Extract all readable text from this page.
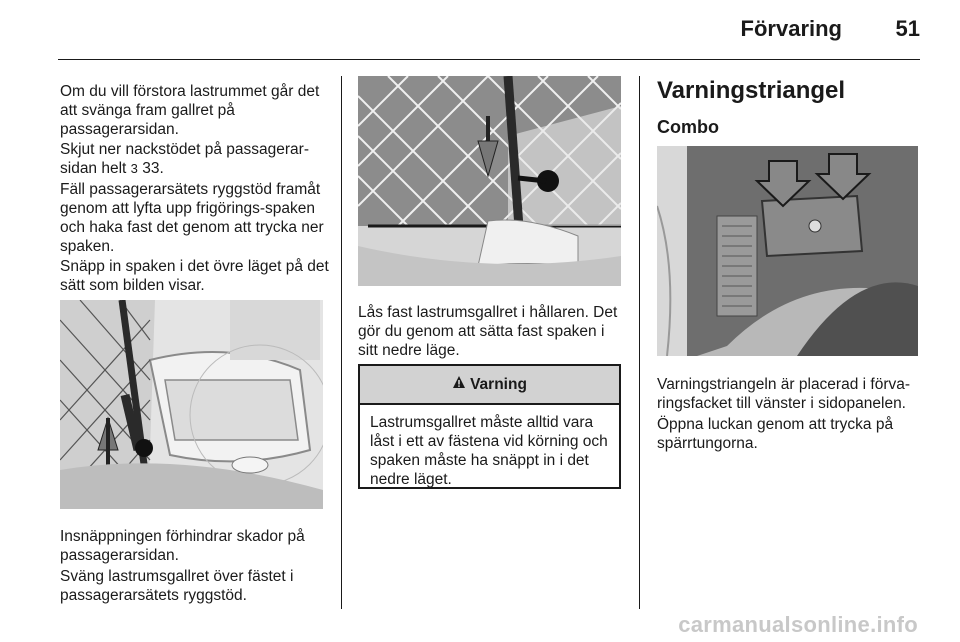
Förvaring 51

Om du vill förstora lastrummet går det att svänga fram gallret på passagerarsidan.

Skjut ner nackstödet på passagerar-sidan helt 3 33.

Fäll passagerarsätets ryggstöd framåt genom att lyfta upp frigörings-spaken och haka fast det genom att trycka ner spaken.

Snäpp in spaken i det övre läget på det sätt som bilden visar.

Insnäppningen förhindrar skador på passagerarsidan.

Sväng lastrumsgallret över fästet i passagerarsätets ryggstöd.

Lås fast lastrumsgallret i hållaren. Det gör du genom att sätta fast spaken i sitt nedre läge.

Varning
Lastrumsgallret måste alltid vara låst i ett av fästena vid körning och spaken måste ha snäppt in i det nedre läget.
Varningstriangel
Combo

Varningstriangeln är placerad i förva-ringsfacket till vänster i sidopanelen.

Öppna luckan genom att trycka på spärrtungorna.

carmanualsonline.info
